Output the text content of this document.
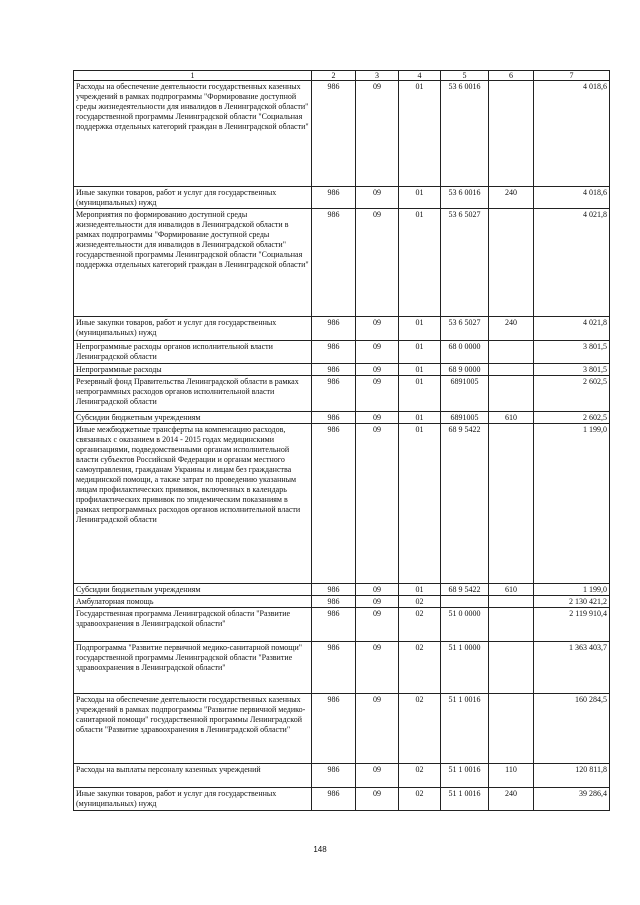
1	2	3	4	5	6	7
Расходы на обеспечение деятельности государственных казенных учреждений в рамках подпрограммы "Формирование доступной среды жизнедеятельности для инвалидов в Ленинградской области" государственной программы Ленинградской области "Социальная поддержка отдельных категорий граждан в Ленинградской области"	986	09	01	53 6 0016		4 018,6
Иные закупки товаров, работ и услуг для государственных (муниципальных) нужд	986	09	01	53 6 0016	240	4 018,6
Мероприятия по формированию доступной среды жизнедеятельности для инвалидов в Ленинградской области в рамках подпрограммы "Формирование доступной среды жизнедеятельности для инвалидов в Ленинградской области" государственной программы Ленинградской области "Социальная поддержка отдельных категорий граждан в Ленинградской области"	986	09	01	53 6 5027		4 021,8
Иные закупки товаров, работ и услуг для государственных (муниципальных) нужд	986	09	01	53 6 5027	240	4 021,8
Непрограммные расходы органов исполнительной власти Ленинградской области	986	09	01	68 0 0000		3 801,5
Непрограммные расходы	986	09	01	68 9 0000		3 801,5
Резервный фонд Правительства Ленинградской области в рамках непрограммных расходов органов исполнительной власти Ленинградской области	986	09	01	6891005		2 602,5
Субсидии бюджетным учреждениям	986	09	01	6891005	610	2 602,5
Иные межбюджетные трансферты на компенсацию расходов, связанных с оказанием в 2014 - 2015 годах медицинскими организациями, подведомственными органам исполнительной власти субъектов Российской Федерации и органам местного самоуправления, гражданам Украины и лицам без гражданства медицинской помощи, а также затрат по проведению указанным лицам профилактических прививок, включенных в календарь профилактических прививок по эпидемическим показаниям в рамках непрограммных расходов органов исполнительной власти Ленинградской области	986	09	01	68 9 5422		1 199,0
Субсидии бюджетным учреждениям	986	09	01	68 9 5422	610	1 199,0
Амбулаторная помощь	986	09	02			2 130 421,2
Государственная программа Ленинградской области "Развитие здравоохранения в Ленинградской области"	986	09	02	51 0 0000		2 119 910,4
Подпрограмма "Развитие первичной медико-санитарной помощи" государственной программы Ленинградской области "Развитие здравоохранения в Ленинградской области"	986	09	02	51 1 0000		1 363 403,7
Расходы на обеспечение деятельности государственных казенных учреждений в рамках подпрограммы "Развитие первичной медико-санитарной помощи" государственной программы Ленинградской области "Развитие здравоохранения в Ленинградской области"	986	09	02	51 1 0016		160 284,5
Расходы на выплаты персоналу казенных учреждений	986	09	02	51 1 0016	110	120 811,8
Иные закупки товаров, работ и услуг для государственных (муниципальных) нужд	986	09	02	51 1 0016	240	39 286,4
148
